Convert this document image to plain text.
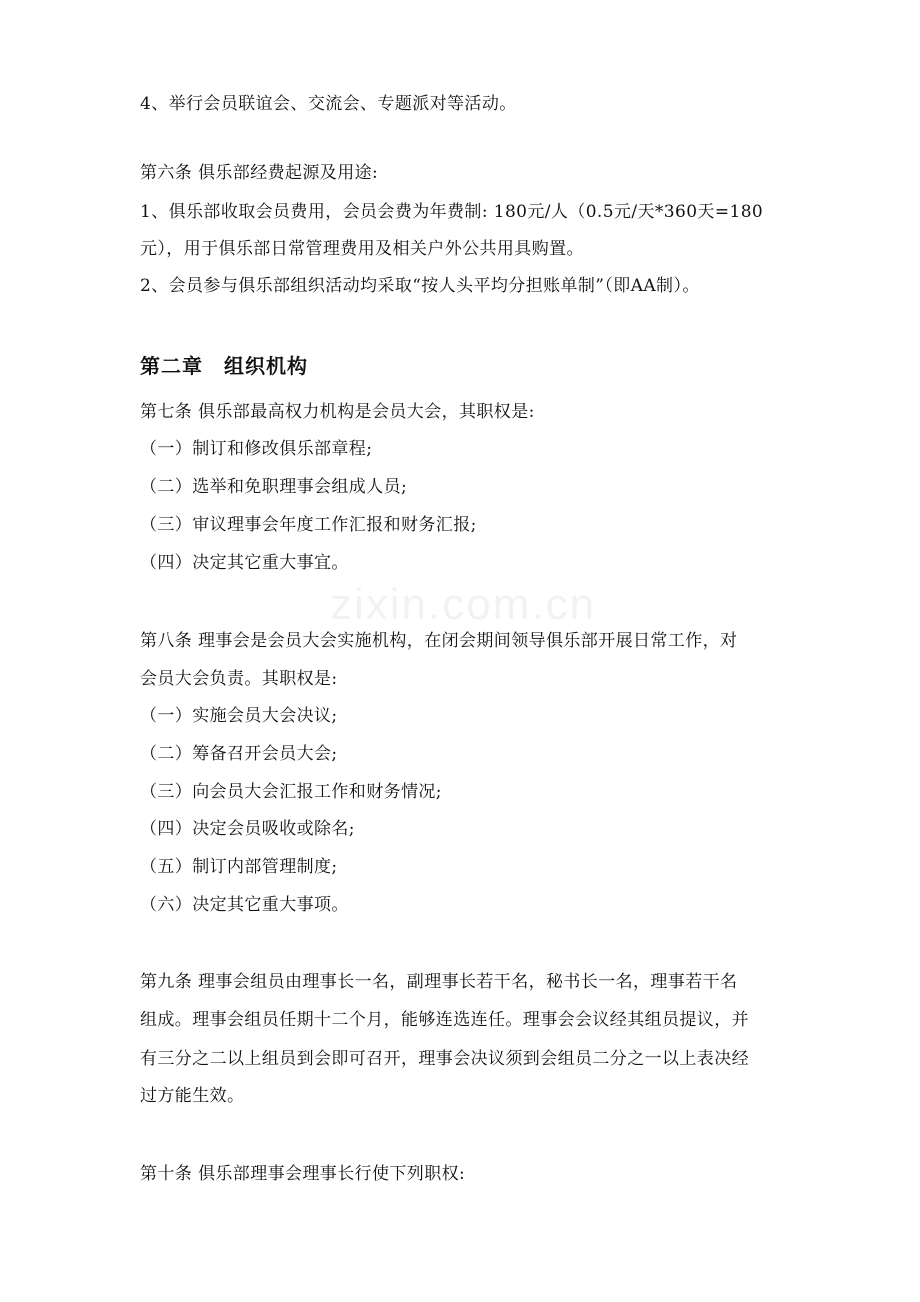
zixin.com.cn
4、举行会员联谊会、交流会、专题派对等活动。
第六条 俱乐部经费起源及用途:
1、俱乐部收取会员费用，会员会费为年费制: 180元/人（0.5元/天*360天=180
元），用于俱乐部日常管理费用及相关户外公共用具购置。
2、会员参与俱乐部组织活动均采取“按人头平均分担账单制”（即AA制）。
第二章　组织机构
第七条 俱乐部最高权力机构是会员大会，其职权是:
（一）制订和修改俱乐部章程;
（二）选举和免职理事会组成人员;
（三）审议理事会年度工作汇报和财务汇报;
（四）决定其它重大事宜。
第八条 理事会是会员大会实施机构，在闭会期间领导俱乐部开展日常工作，对
会员大会负责。其职权是:
（一）实施会员大会决议;
（二）筹备召开会员大会;
（三）向会员大会汇报工作和财务情况;
（四）决定会员吸收或除名;
（五）制订内部管理制度;
（六）决定其它重大事项。
第九条 理事会组员由理事长一名，副理事长若干名，秘书长一名，理事若干名
组成。理事会组员任期十二个月，能够连选连任。理事会会议经其组员提议，并
有三分之二以上组员到会即可召开，理事会决议须到会组员二分之一以上表决经
过方能生效。
第十条 俱乐部理事会理事长行使下列职权:
